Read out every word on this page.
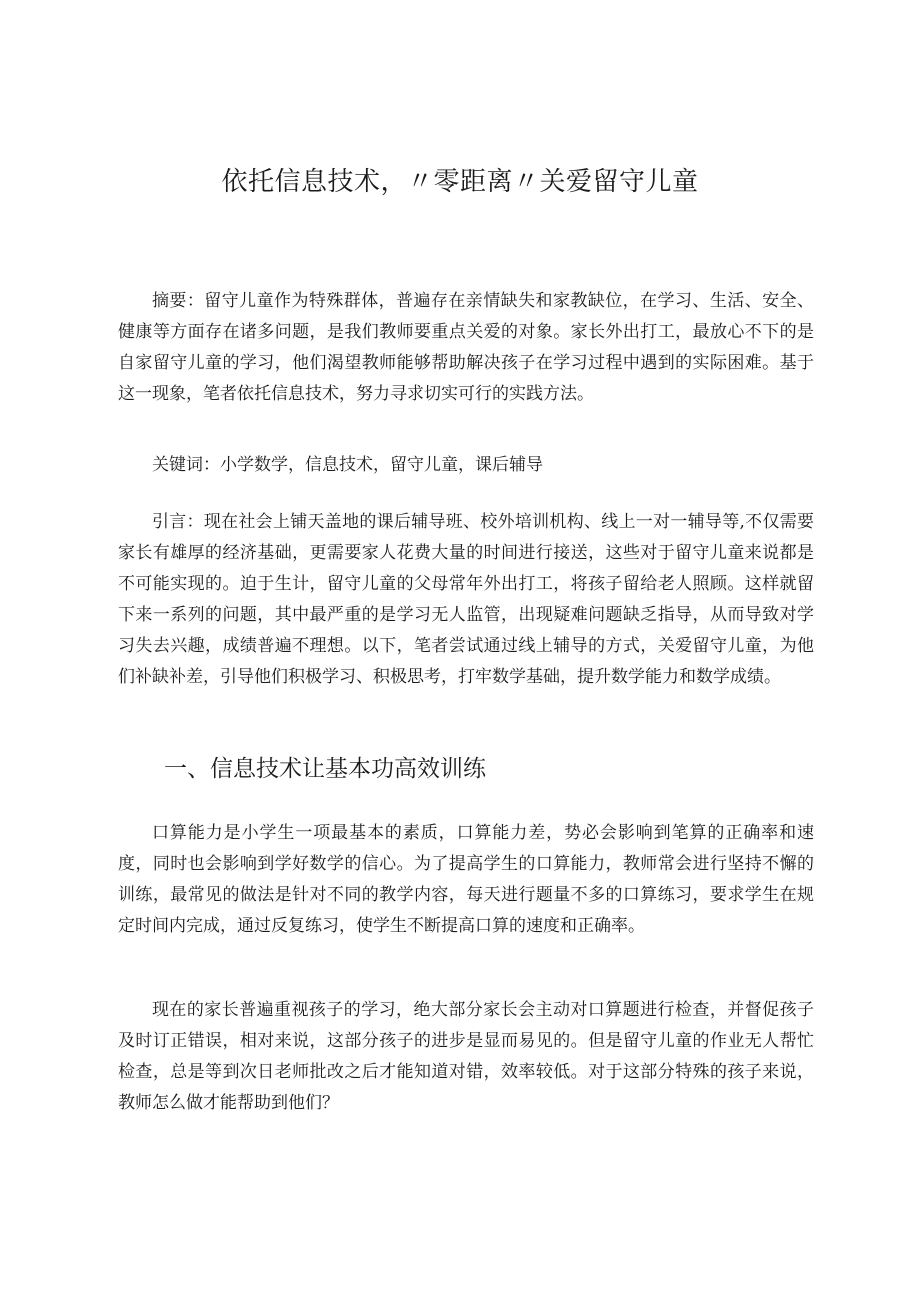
依托信息技术，〃零距离〃关爱留守儿童

摘要：留守儿童作为特殊群体，普遍存在亲情缺失和家教缺位，在学习、生活、安全、健康等方面存在诸多问题，是我们教师要重点关爱的对象。家长外出打工，最放心不下的是自家留守儿童的学习，他们渴望教师能够帮助解决孩子在学习过程中遇到的实际困难。基于这一现象，笔者依托信息技术，努力寻求切实可行的实践方法。

关键词：小学数学，信息技术，留守儿童，课后辅导

引言：现在社会上铺天盖地的课后辅导班、校外培训机构、线上一对一辅导等,不仅需要家长有雄厚的经济基础，更需要家人花费大量的时间进行接送，这些对于留守儿童来说都是不可能实现的。迫于生计，留守儿童的父母常年外出打工，将孩子留给老人照顾。这样就留下来一系列的问题，其中最严重的是学习无人监管，出现疑难问题缺乏指导，从而导致对学习失去兴趣，成绩普遍不理想。以下，笔者尝试通过线上辅导的方式，关爱留守儿童，为他们补缺补差，引导他们积极学习、积极思考，打牢数学基础，提升数学能力和数学成绩。

一、信息技术让基本功高效训练

口算能力是小学生一项最基本的素质，口算能力差，势必会影响到笔算的正确率和速度，同时也会影响到学好数学的信心。为了提高学生的口算能力，教师常会进行坚持不懈的训练，最常见的做法是针对不同的教学内容，每天进行题量不多的口算练习，要求学生在规定时间内完成，通过反复练习，使学生不断提高口算的速度和正确率。

现在的家长普遍重视孩子的学习，绝大部分家长会主动对口算题进行检查，并督促孩子及时订正错误，相对来说，这部分孩子的进步是显而易见的。但是留守儿童的作业无人帮忙检查，总是等到次日老师批改之后才能知道对错，效率较低。对于这部分特殊的孩子来说，教师怎么做才能帮助到他们？
